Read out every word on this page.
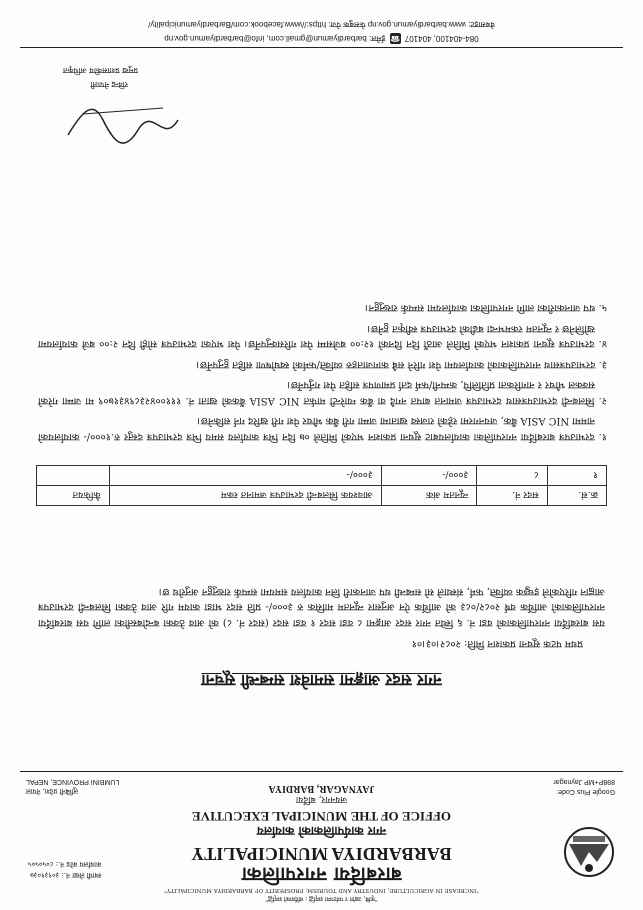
"कृषि, उद्योग र पर्यटनमा समृद्धि : वर्दियाको समृद्धि"
"INCREASE IN AGRICULTURE, INDUSTRY AND TOURISM; PROSPERITY OF BARBARDIYA MUNICIPALITY"
स्थायी लेखा नं.: ३०९३९०३७
कार्यालय कोड नं.: ८०५०५०५	बारबर्दिया नगरपालिका
BARBARDIYA MUNICIPALITY
नगर कार्यपालिकाको कार्यालय
OFFICE OF THE MUNICIPAL EXECUTIVE
जयनगर, बर्दिया
JAYNAGAR, BARDIYA	Google Plus Code:
898P+MP Jaynagar
लुम्बिनी प्रदेश, नेपाल
LUMBINI PROVINCE, NEPAL
नगर सदर आङ्गमा समावेश सम्बन्धी सूचना
प्रथम पटक सूचना प्रकाशन मिति: २०८२।०३।०१

यस बारबर्दिया नगरपालिकाको वडा नं. ६ स्थित नगर सदर आङ्गमा ८ वडा सदर १ वडा सदर (सदर नं. ८) को आव ठेक्का बन्दोबस्तीका लागि यस बारबर्दिया नगरपालिकाको आर्थिक वर्ष २०८२/०८३ को आर्थिक ऐन अनुसार न्यूनतम मासिक रु ३०००/- प्रति सदर भाडा कायम गरि आव ठेक्का सिलबन्दी दरभाउपत्र आह्वान गरिएकोले इच्छुक व्यक्ति, फर्म, संस्थाले सो सम्बन्धी थप जानकारी लिन कार्यालय समयमा सम्पर्क राख्नुहुन अनुरोध छ।

क्र.सं.	सदर नं.	न्यूनतम अंक	आवश्यक सिलबन्दी दरभाउपत्र जमानत रकम	कैफियत
१	८	३०००/-	३०००/-	

१. दरभाउपत्र बारबर्दिया नगरपालिका कार्यालयबाट सूचना प्रकाशन भएको मितिले ०७ दिन भित्र कार्यालय समय भित्र दरभाउपत्र दस्तुर रु.१०००/- कार्यालयको नाममा NIC ASIA बैंक, जयनगरमा रहेको राजस्व खातामा जम्मा गरी बैंक भौचर पेश गरी खरिद गर्न सकिनेछ।

२. सिलबन्दी दरभाउपत्रसाथ दरभाउपत्र जमानत बापत नगदै वा बैंक ग्यारेन्टी मार्फत NIC ASIA बैंकको खाता नं. १११००४२३८९४३१७०९ मा जम्मा गरेको सक्कल भौचर र नागरिकता प्रतिलिपि, कम्पनी/फर्म दर्ता प्रमाणपत्र सहित पेश गर्नुपर्नेछ।

३. दरभाउपत्रसाथ नगरपालिकाको कार्यालयमा पेश गरिने सबै कागजातहरु व्यक्ति/फर्मको स्वघोषणा सहित हुनुपर्नेछ।

४. दरभाउपत्र सूचना प्रकाशन भएको मितिले आठौं दिन दिनको १२:०० बजेसम्म पेश गरिसक्नुपर्नेछ। पेश भएका दरभाउपत्र सोही दिन २:०० बजे कार्यालयमा खोलिनेछ र न्यूनतम रकमभन्दा बढीको दरभाउपत्र स्वीकृत हुनेछ।

५. थप जानकारीका लागि नगरपालिका कार्यालयमा सम्पर्क राख्नुहुन।

रविन्द्र नेपाली
प्रमुख प्रशासकीय अधिकृत
084-404100, 404107 ☎ ईमेल: barbardiyamun@gmail.com, info@barbardiyamun.gov.np
वेबसाइट: www.barbardiyamun.gov.np फेसबुक पेज: https://www.facebook.com/Barbardiyamunicipality/
